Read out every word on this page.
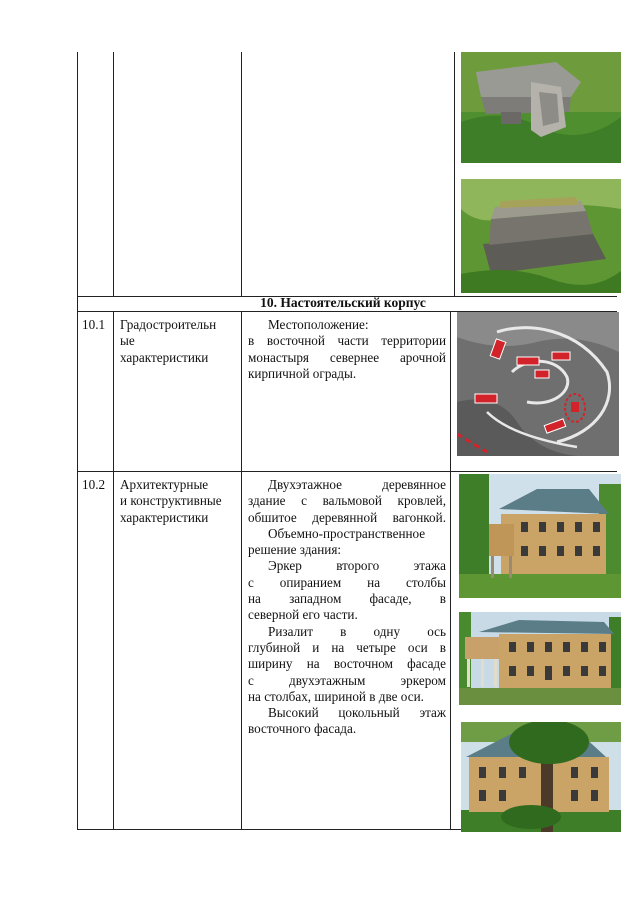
10. Настоятельский корпус
10.1 Градостроительн
ые
характеристики
Местоположение:
в восточной части территории
монастыря севернее арочной
кирпичной ограды.
10.2 Архитектурные
и конструктивные
характеристики
Двухэтажное деревянное
здание с вальмовой кровлей,
обшитое деревянной вагонкой.
Объемно-пространственное
решение здания:
Эркер второго этажа
с опиранием на столбы
на западном фасаде, в
северной его части.
Ризалит в одну ось
глубиной и на четыре оси в
ширину на восточном фасаде
с двухэтажным эркером
на столбах, шириной в две оси.
Высокий цокольный этаж
восточного фасада.
